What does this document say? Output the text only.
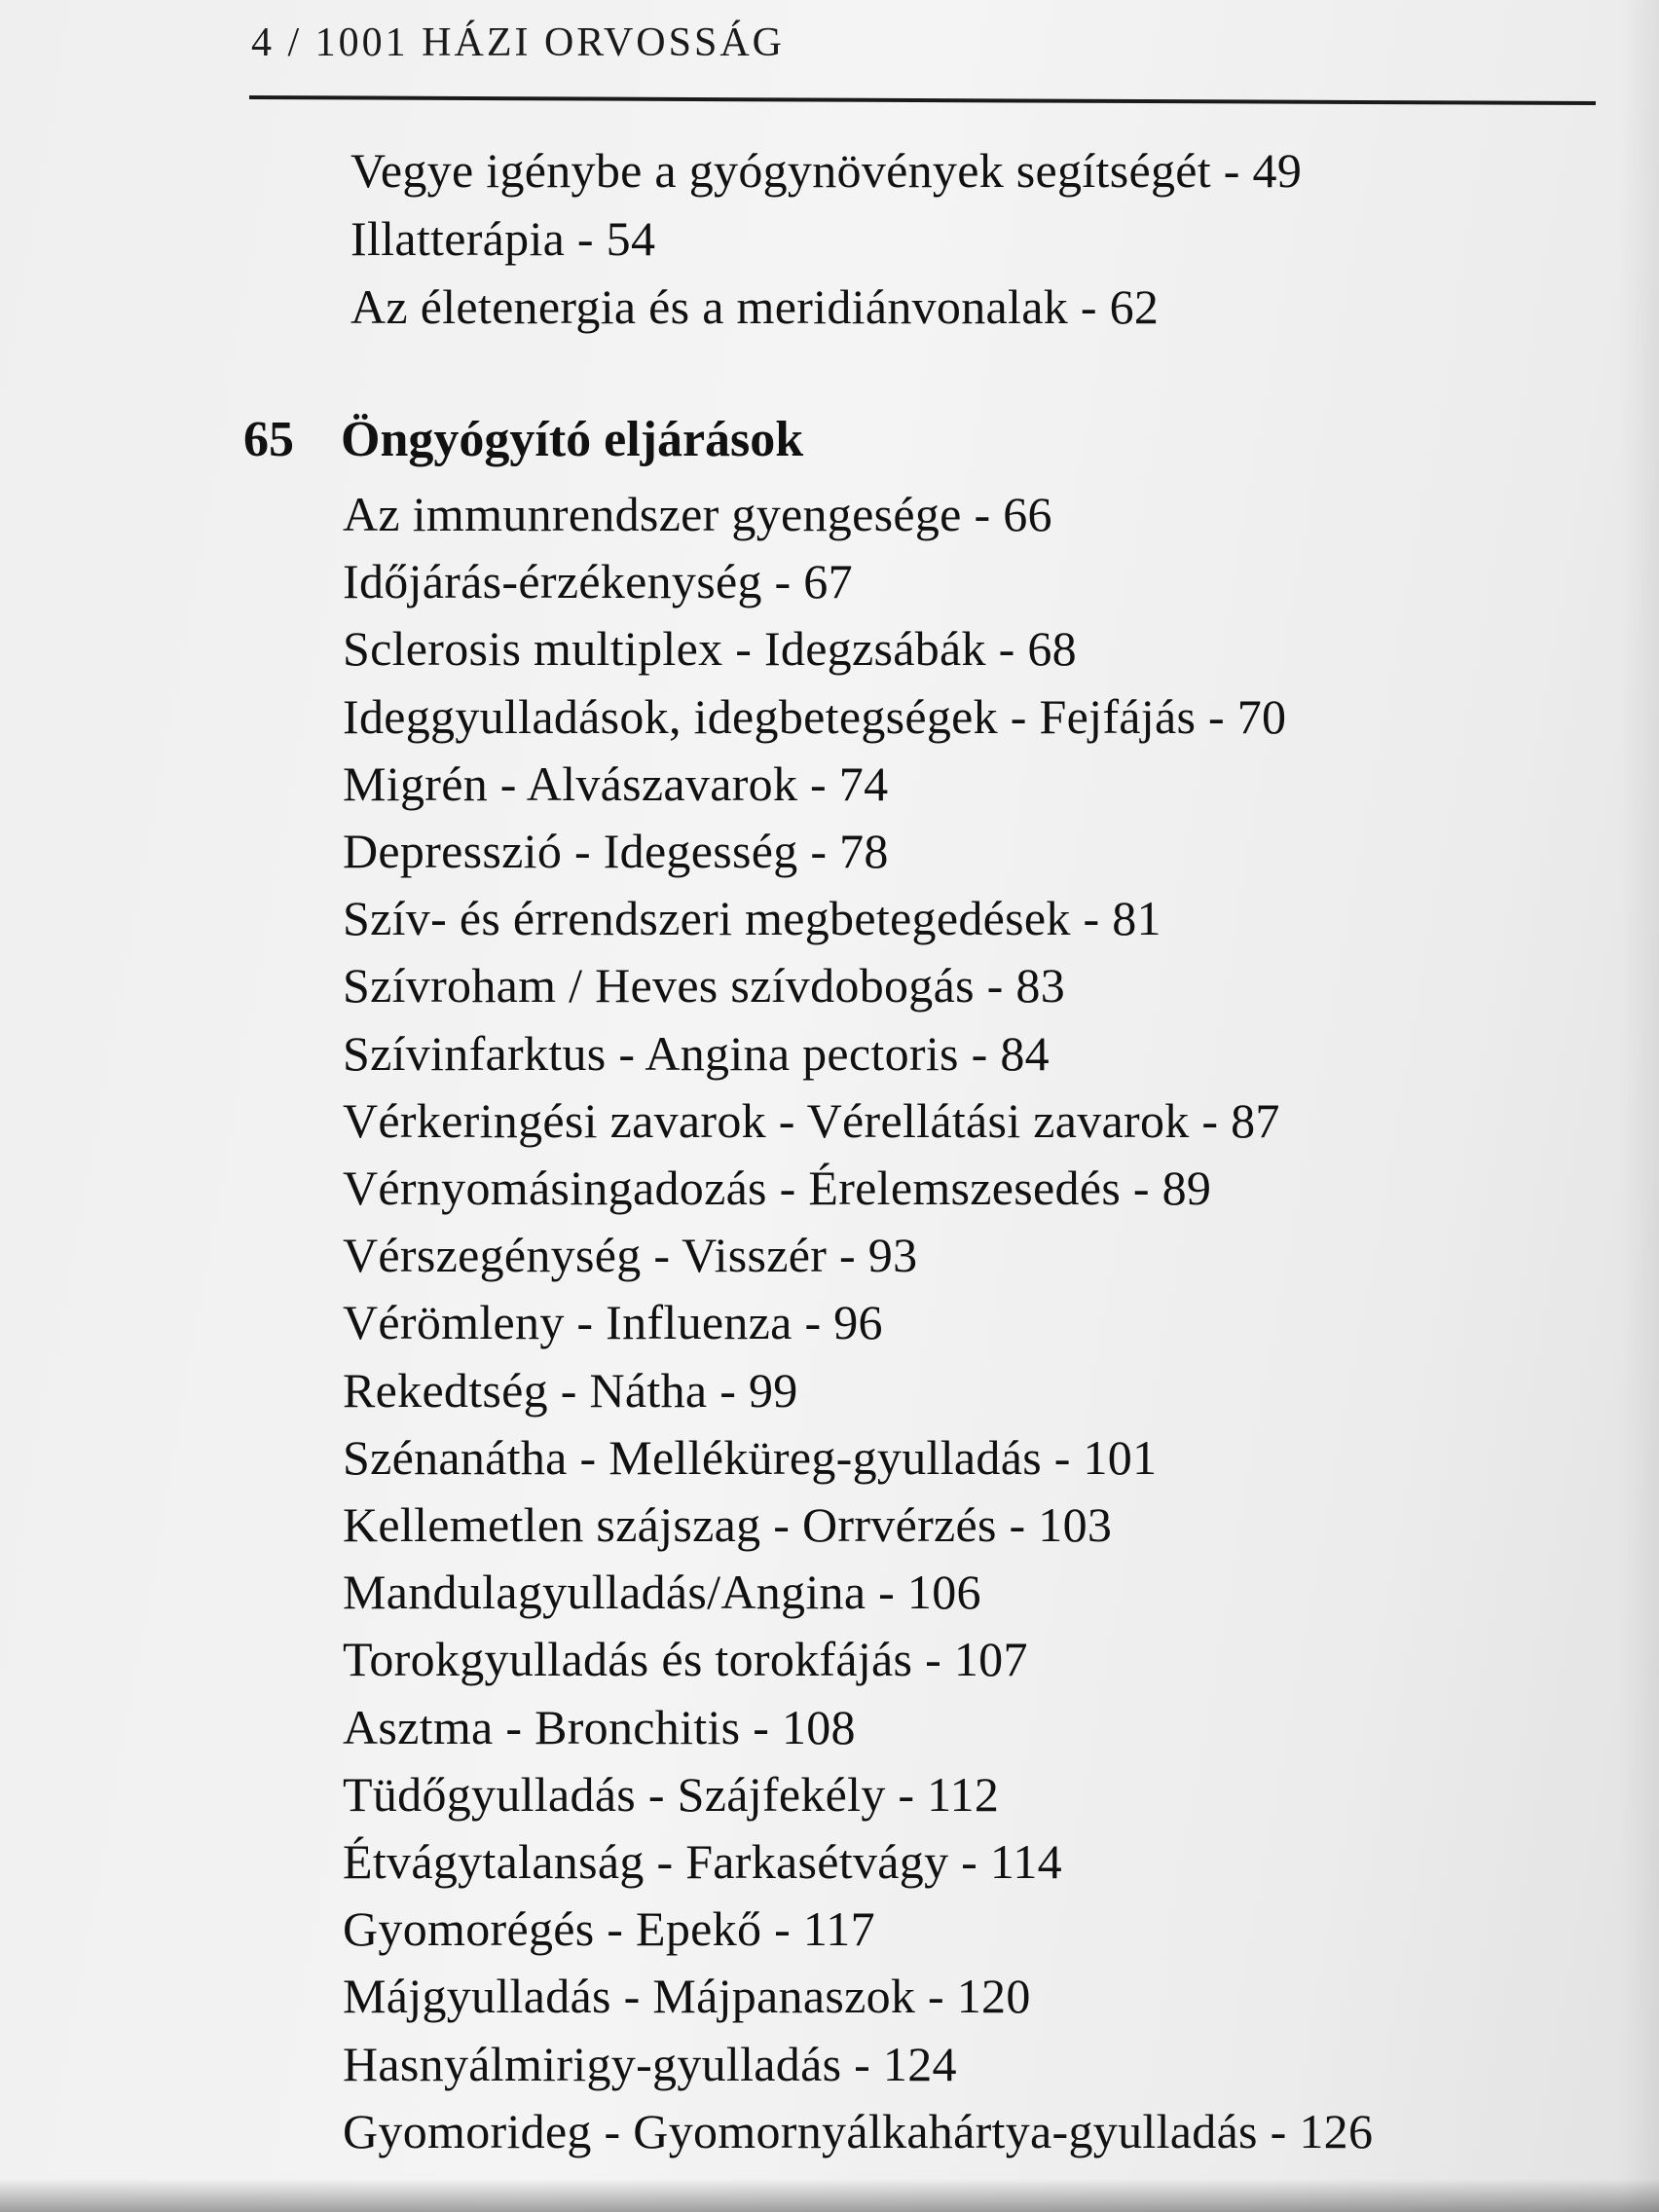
4 / 1001 HÁZI ORVOSSÁG
Vegye igénybe a gyógynövények segítségét - 49
Illatterápia - 54
Az életenergia és a meridiánvonalak - 62
65 Öngyógyító eljárások
Az immunrendszer gyengesége - 66
Időjárás-érzékenység - 67
Sclerosis multiplex - Idegzsábák - 68
Ideggyulladások, idegbetegségek - Fejfájás - 70
Migrén - Alvászavarok - 74
Depresszió - Idegesség - 78
Szív- és érrendszeri megbetegedések - 81
Szívroham / Heves szívdobogás - 83
Szívinfarktus - Angina pectoris - 84
Vérkeringési zavarok - Vérellátási zavarok - 87
Vérnyomásingadozás - Érelemszesedés - 89
Vérszegénység - Visszér - 93
Vérömleny - Influenza - 96
Rekedtség - Nátha - 99
Szénanátha - Melléküreg-gyulladás - 101
Kellemetlen szájszag - Orrvérzés - 103
Mandulagyulladás/Angina - 106
Torokgyulladás és torokfájás - 107
Asztma - Bronchitis - 108
Tüdőgyulladás - Szájfekély - 112
Étvágytalanság - Farkasétvágy - 114
Gyomorégés - Epekő - 117
Májgyulladás - Májpanaszok - 120
Hasnyálmirigy-gyulladás - 124
Gyomorideg - Gyomornyálkahártya-gyulladás - 126
